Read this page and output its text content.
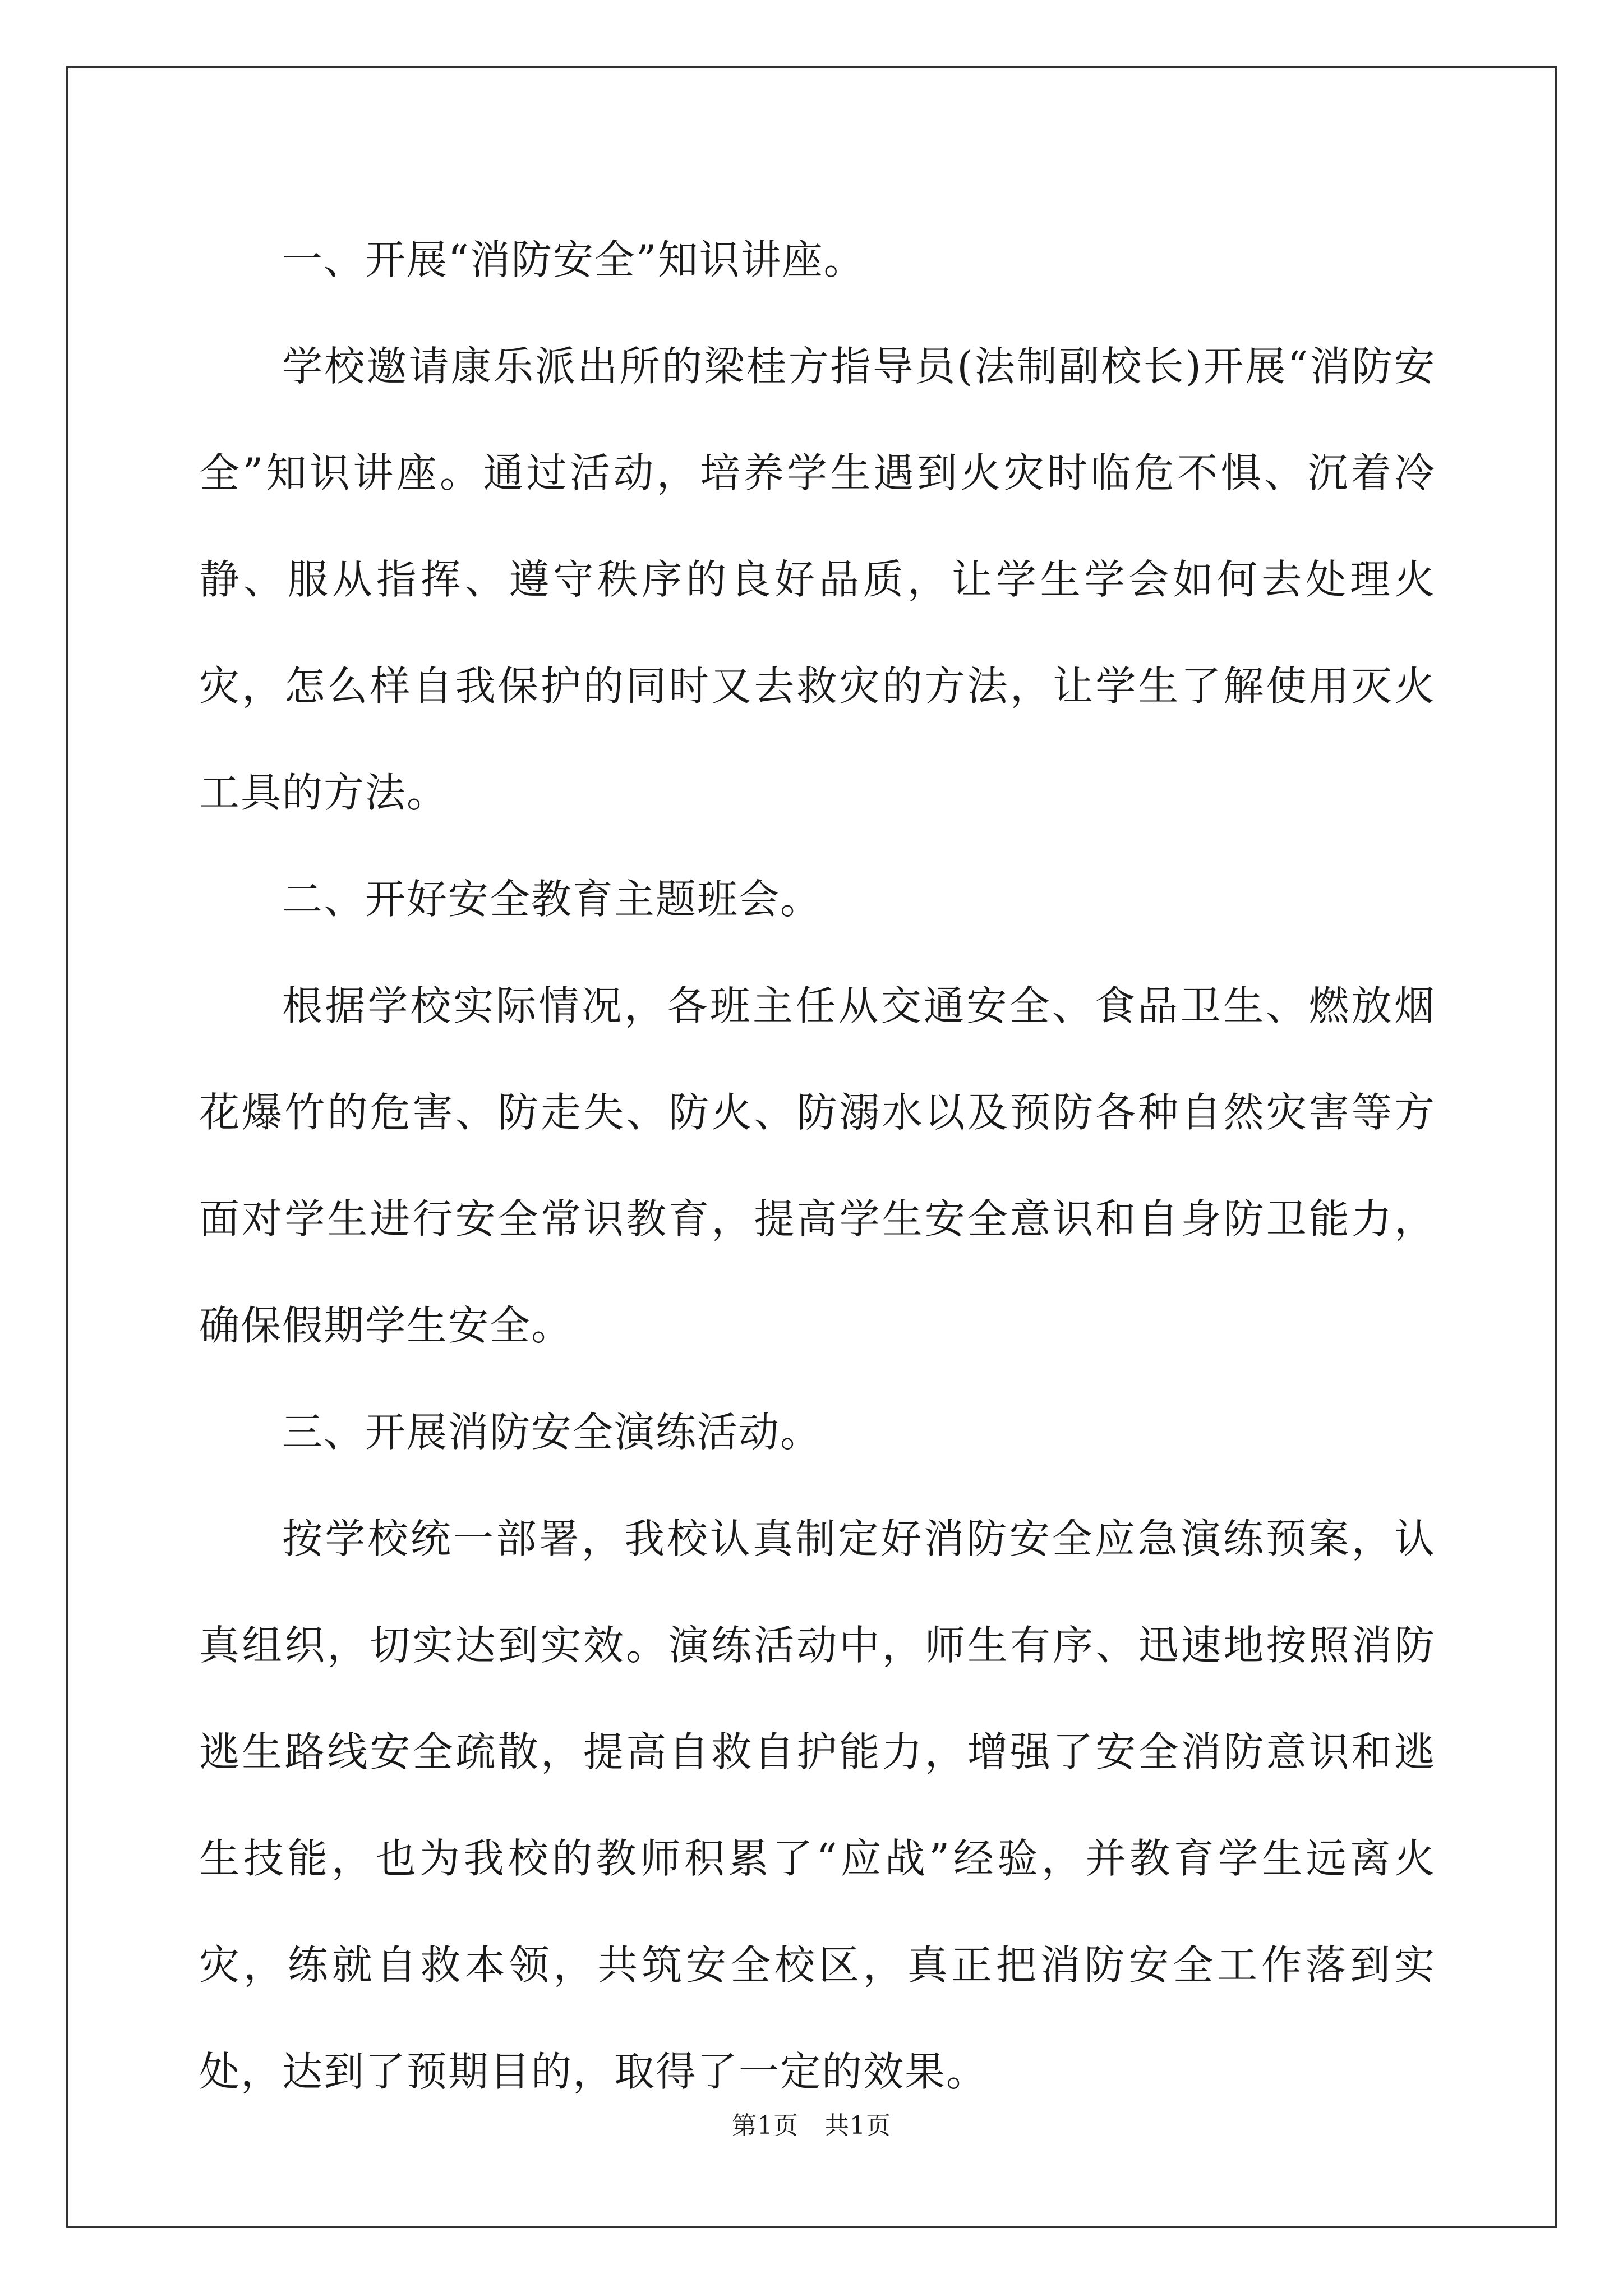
一、开展“消防安全”知识讲座。

学校邀请康乐派出所的梁桂方指导员(法制副校长)开展“消防安全”知识讲座。通过活动，培养学生遇到火灾时临危不惧、沉着冷静、服从指挥、遵守秩序的良好品质，让学生学会如何去处理火灾，怎么样自我保护的同时又去救灾的方法，让学生了解使用灭火工具的方法。

二、开好安全教育主题班会。

根据学校实际情况，各班主任从交通安全、食品卫生、燃放烟花爆竹的危害、防走失、防火、防溺水以及预防各种自然灾害等方面对学生进行安全常识教育，提高学生安全意识和自身防卫能力，确保假期学生安全。

三、开展消防安全演练活动。

按学校统一部署，我校认真制定好消防安全应急演练预案，认真组织，切实达到实效。演练活动中，师生有序、迅速地按照消防逃生路线安全疏散，提高自救自护能力，增强了安全消防意识和逃生技能，也为我校的教师积累了“应战”经验，并教育学生远离火灾，练就自救本领，共筑安全校区，真正把消防安全工作落到实处，达到了预期目的，取得了一定的效果。

第1页 共1页
